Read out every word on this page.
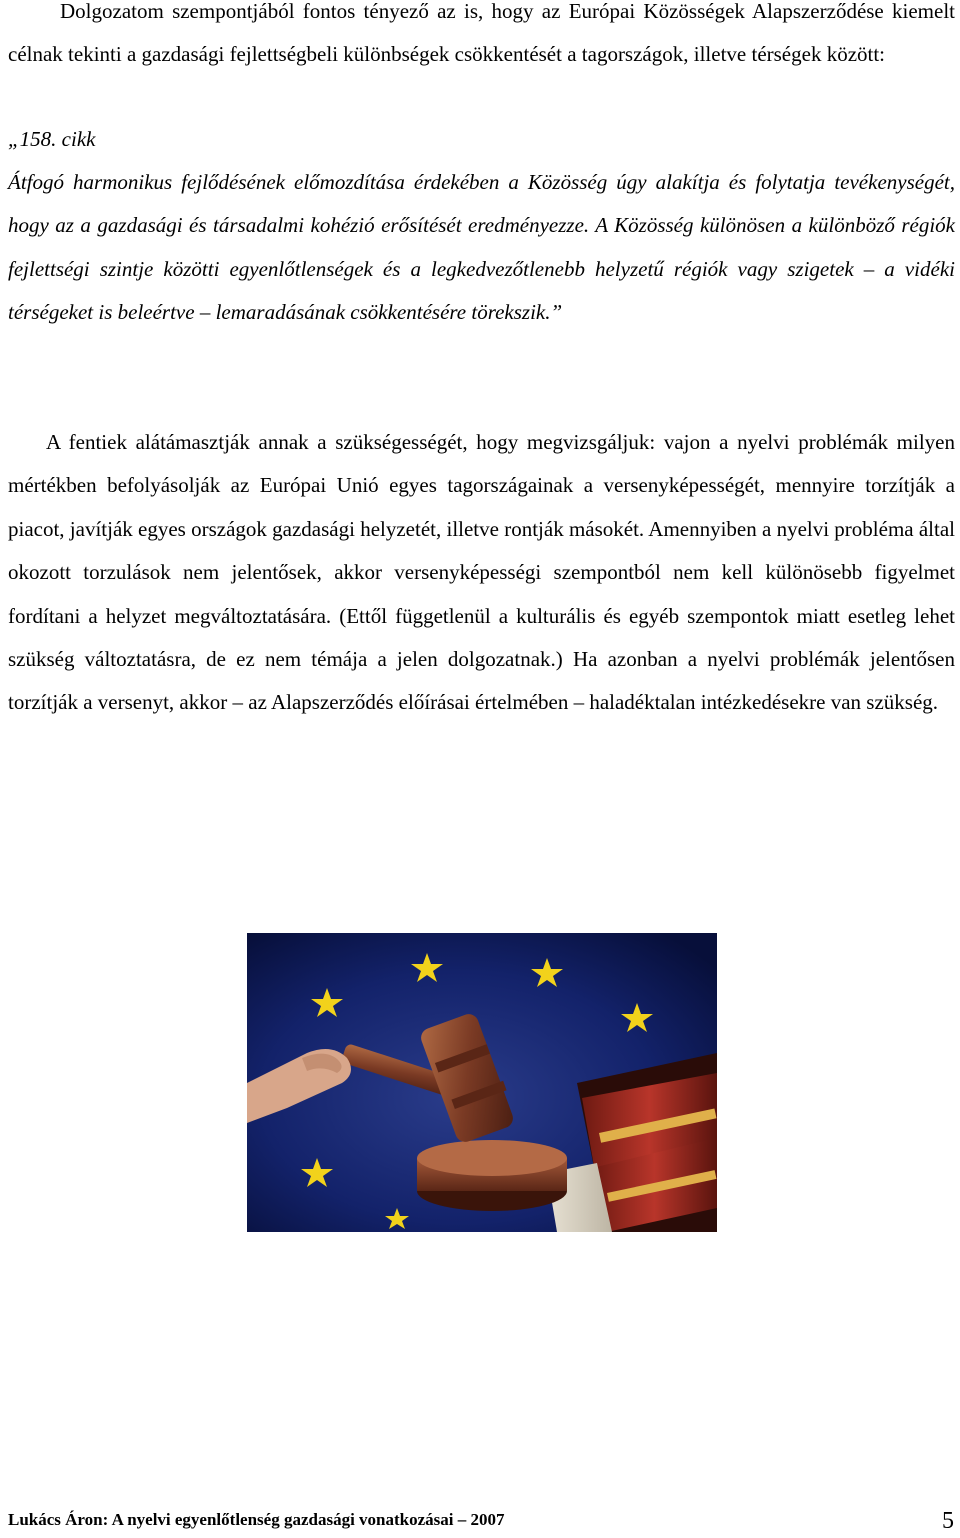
Dolgozatom szempontjából fontos tényező az is, hogy az Európai Közösségek Alapszerződése kiemelt célnak tekinti a gazdasági fejlettségbeli különbségek csökkentését a tagországok, illetve térségek között:

„158. cikk

Átfogó harmonikus fejlődésének előmozdítása érdekében a Közösség úgy alakítja és folytatja tevékenységét, hogy az a gazdasági és társadalmi kohézió erősítését eredményezze. A Közösség különösen a különböző régiók fejlettségi szintje közötti egyenlőtlenségek és a legkedvezőtlenebb helyzetű régiók vagy szigetek – a vidéki térségeket is beleértve – lemaradásának csökkentésére törekszik.”

A fentiek alátámasztják annak a szükségességét, hogy megvizsgáljuk: vajon a nyelvi problémák milyen mértékben befolyásolják az Európai Unió egyes tagországainak a versenyképességét, mennyire torzítják a piacot, javítják egyes országok gazdasági helyzetét, illetve rontják másokét. Amennyiben a nyelvi probléma által okozott torzulások nem jelentősek, akkor versenyképességi szempontból nem kell különösebb figyelmet fordítani a helyzet megváltoztatására. (Ettől függetlenül a kulturális és egyéb szempontok miatt esetleg lehet szükség változtatásra, de ez nem témája a jelen dolgozatnak.) Ha azonban a nyelvi problémák jelentősen torzítják a versenyt, akkor – az Alapszerződés előírásai értelmében – haladéktalan intézkedésekre van szükség.

Lukács Áron: A nyelvi egyenlőtlenség gazdasági vonatkozásai – 2007	5
